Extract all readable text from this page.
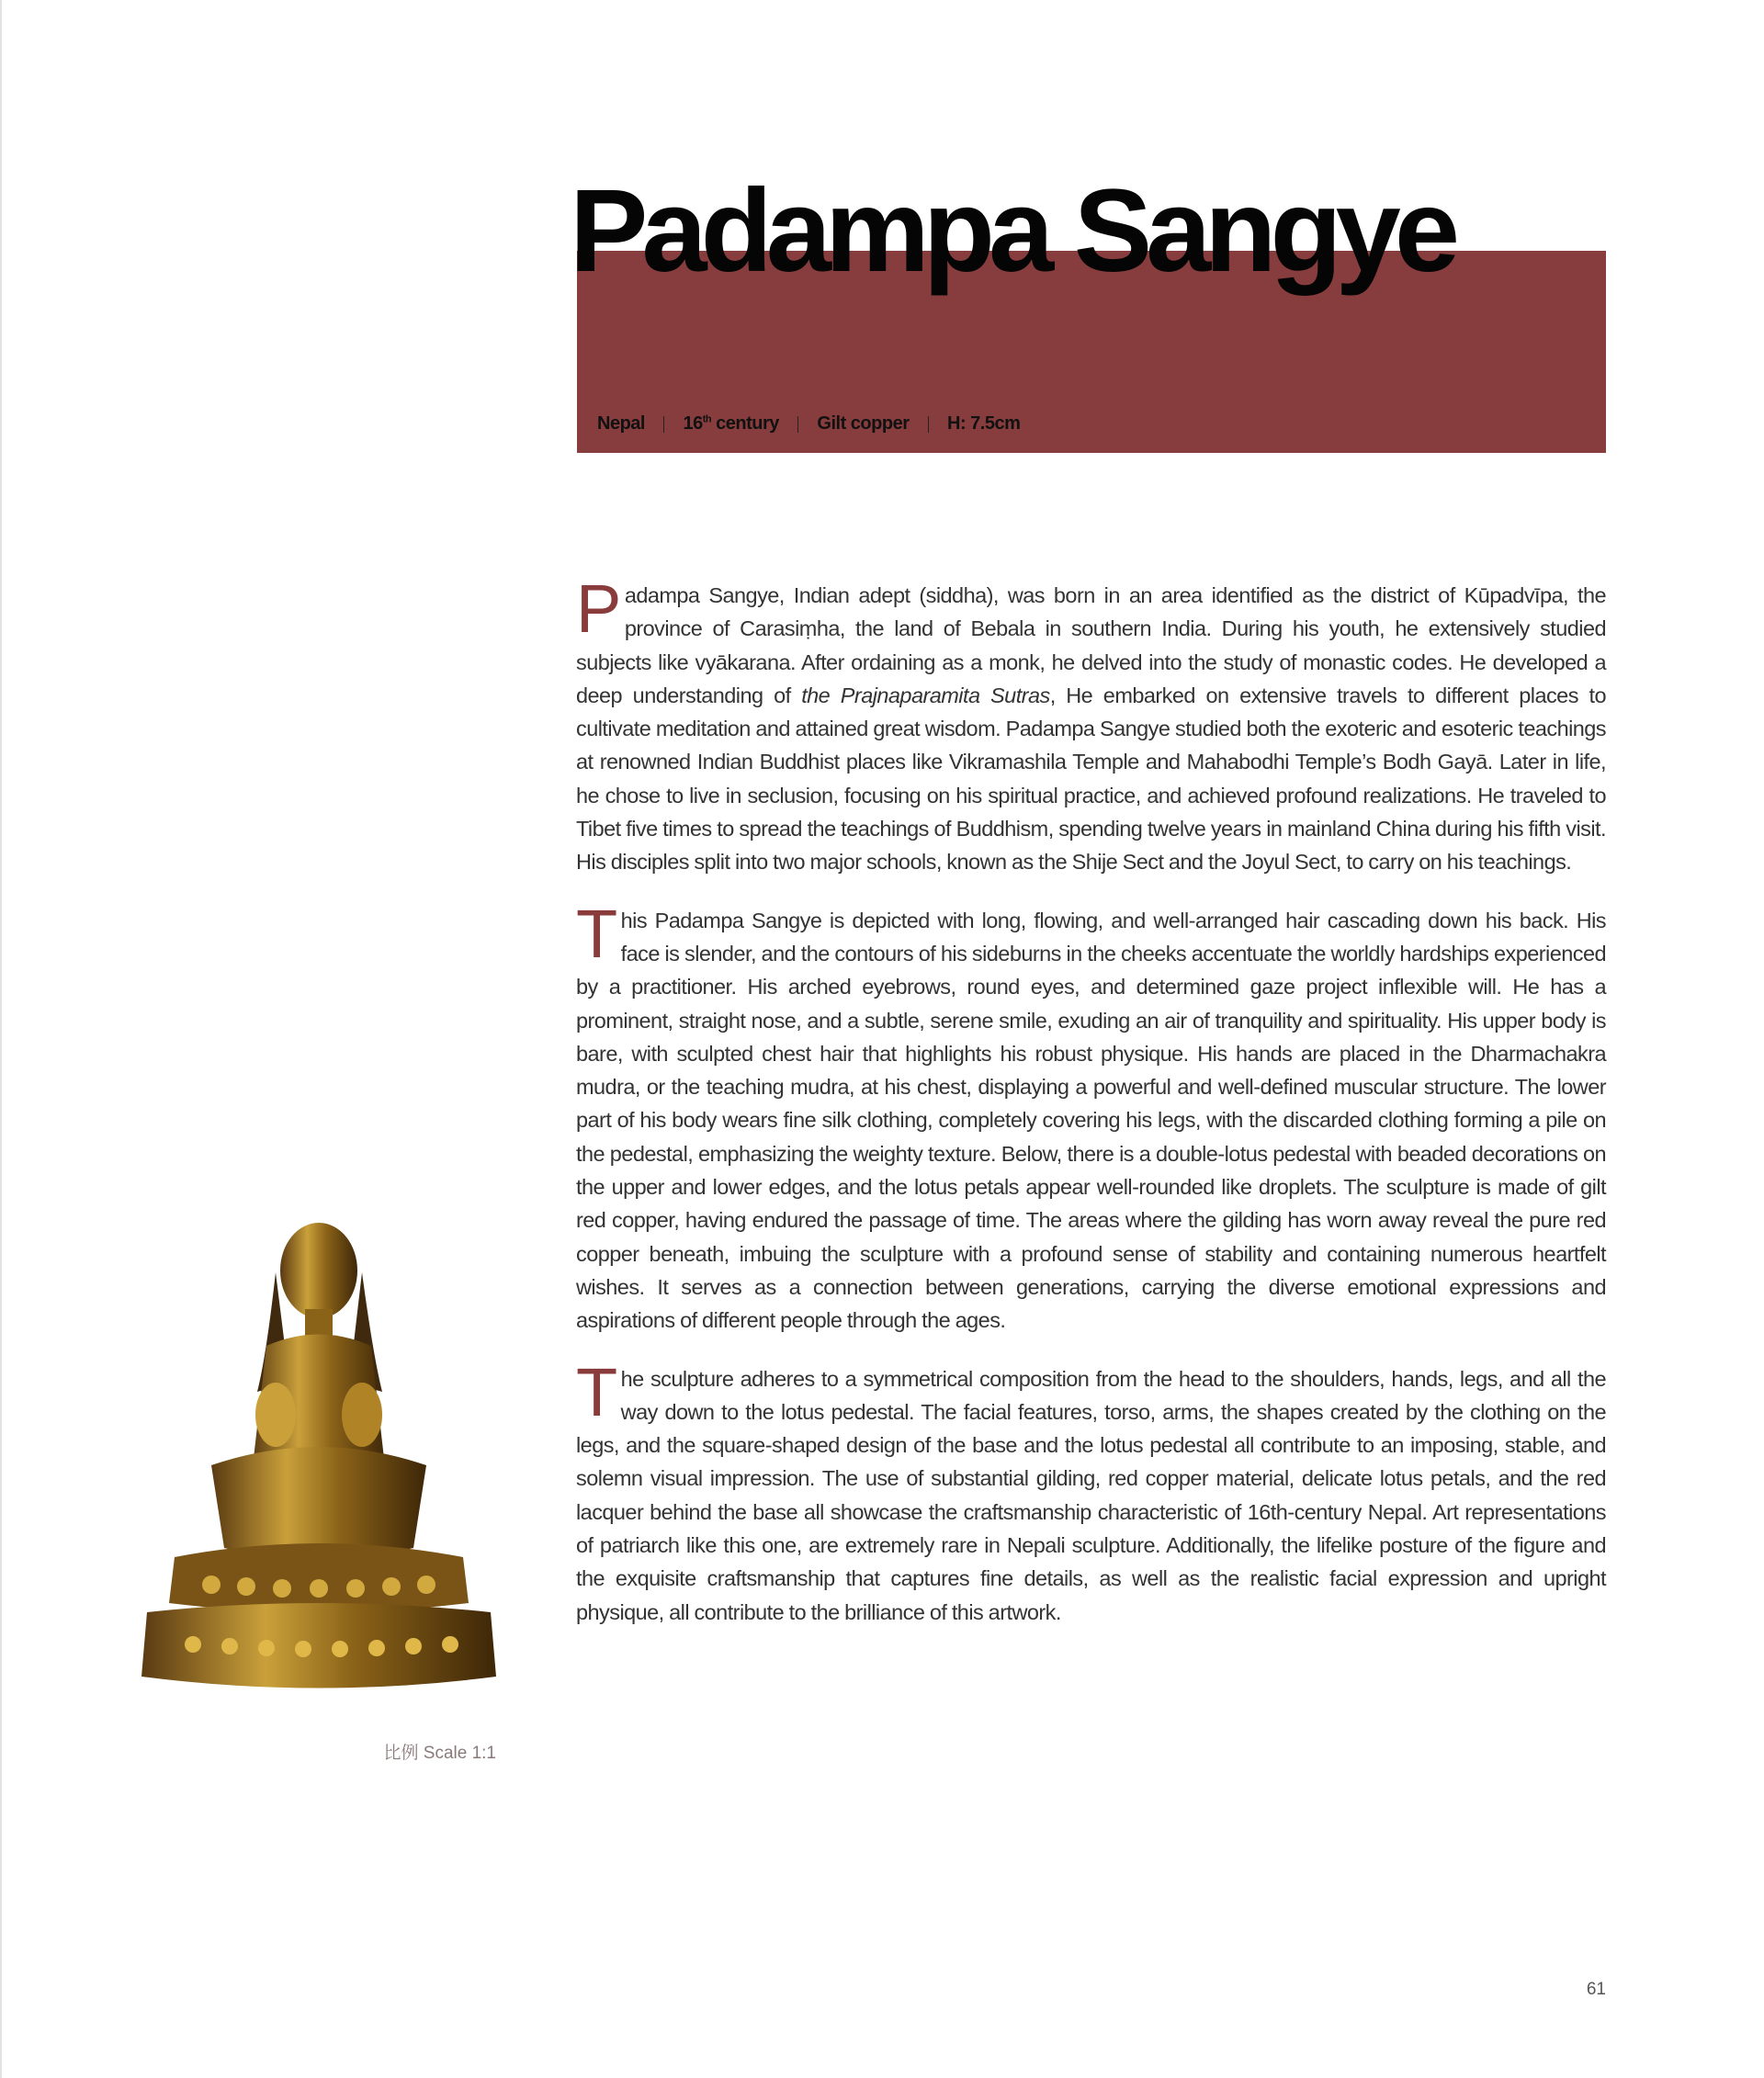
Padampa Sangye
Nepal 16th century Gilt copper H: 7.5cm

Padampa Sangye, Indian adept (siddha), was born in an area identified as the district of Kūpadvīpa, the province of Carasiṃha, the land of Bebala in southern India. During his youth, he extensively studied subjects like vyākarana. After ordaining as a monk, he delved into the study of monastic codes. He developed a deep understanding of the Prajnaparamita Sutras, He embarked on extensive travels to different places to cultivate meditation and attained great wisdom. Padampa Sangye studied both the exoteric and esoteric teachings at renowned Indian Buddhist places like Vikramashila Temple and Mahabodhi Temple’s Bodh Gayā. Later in life, he chose to live in seclusion, focusing on his spiritual practice, and achieved profound realizations. He traveled to Tibet five times to spread the teachings of Buddhism, spending twelve years in mainland China during his fifth visit. His disciples split into two major schools, known as the Shije Sect and the Joyul Sect, to carry on his teachings.

This Padampa Sangye is depicted with long, flowing, and well-arranged hair cascading down his back. His face is slender, and the contours of his sideburns in the cheeks accentuate the worldly hardships experienced by a practitioner. His arched eyebrows, round eyes, and determined gaze project inflexible will. He has a prominent, straight nose, and a subtle, serene smile, exuding an air of tranquility and spirituality. His upper body is bare, with sculpted chest hair that highlights his robust physique. His hands are placed in the Dharmachakra mudra, or the teaching mudra, at his chest, displaying a powerful and well-defined muscular structure. The lower part of his body wears fine silk clothing, completely covering his legs, with the discarded clothing forming a pile on the pedestal, emphasizing the weighty texture. Below, there is a double-lotus pedestal with beaded decorations on the upper and lower edges, and the lotus petals appear well-rounded like droplets. The sculpture is made of gilt red copper, having endured the passage of time. The areas where the gilding has worn away reveal the pure red copper beneath, imbuing the sculpture with a profound sense of stability and containing numerous heartfelt wishes. It serves as a connection between generations, carrying the diverse emotional expressions and aspirations of different people through the ages.

The sculpture adheres to a symmetrical composition from the head to the shoulders, hands, legs, and all the way down to the lotus pedestal. The facial features, torso, arms, the shapes created by the clothing on the legs, and the square-shaped design of the base and the lotus pedestal all contribute to an imposing, stable, and solemn visual impression. The use of substantial gilding, red copper material, delicate lotus petals, and the red lacquer behind the base all showcase the craftsmanship characteristic of 16th-century Nepal. Art representations of patriarch like this one, are extremely rare in Nepali sculpture. Additionally, the lifelike posture of the figure and the exquisite craftsmanship that captures fine details, as well as the realistic facial expression and upright physique, all contribute to the brilliance of this artwork.

比例 Scale 1:1
61
